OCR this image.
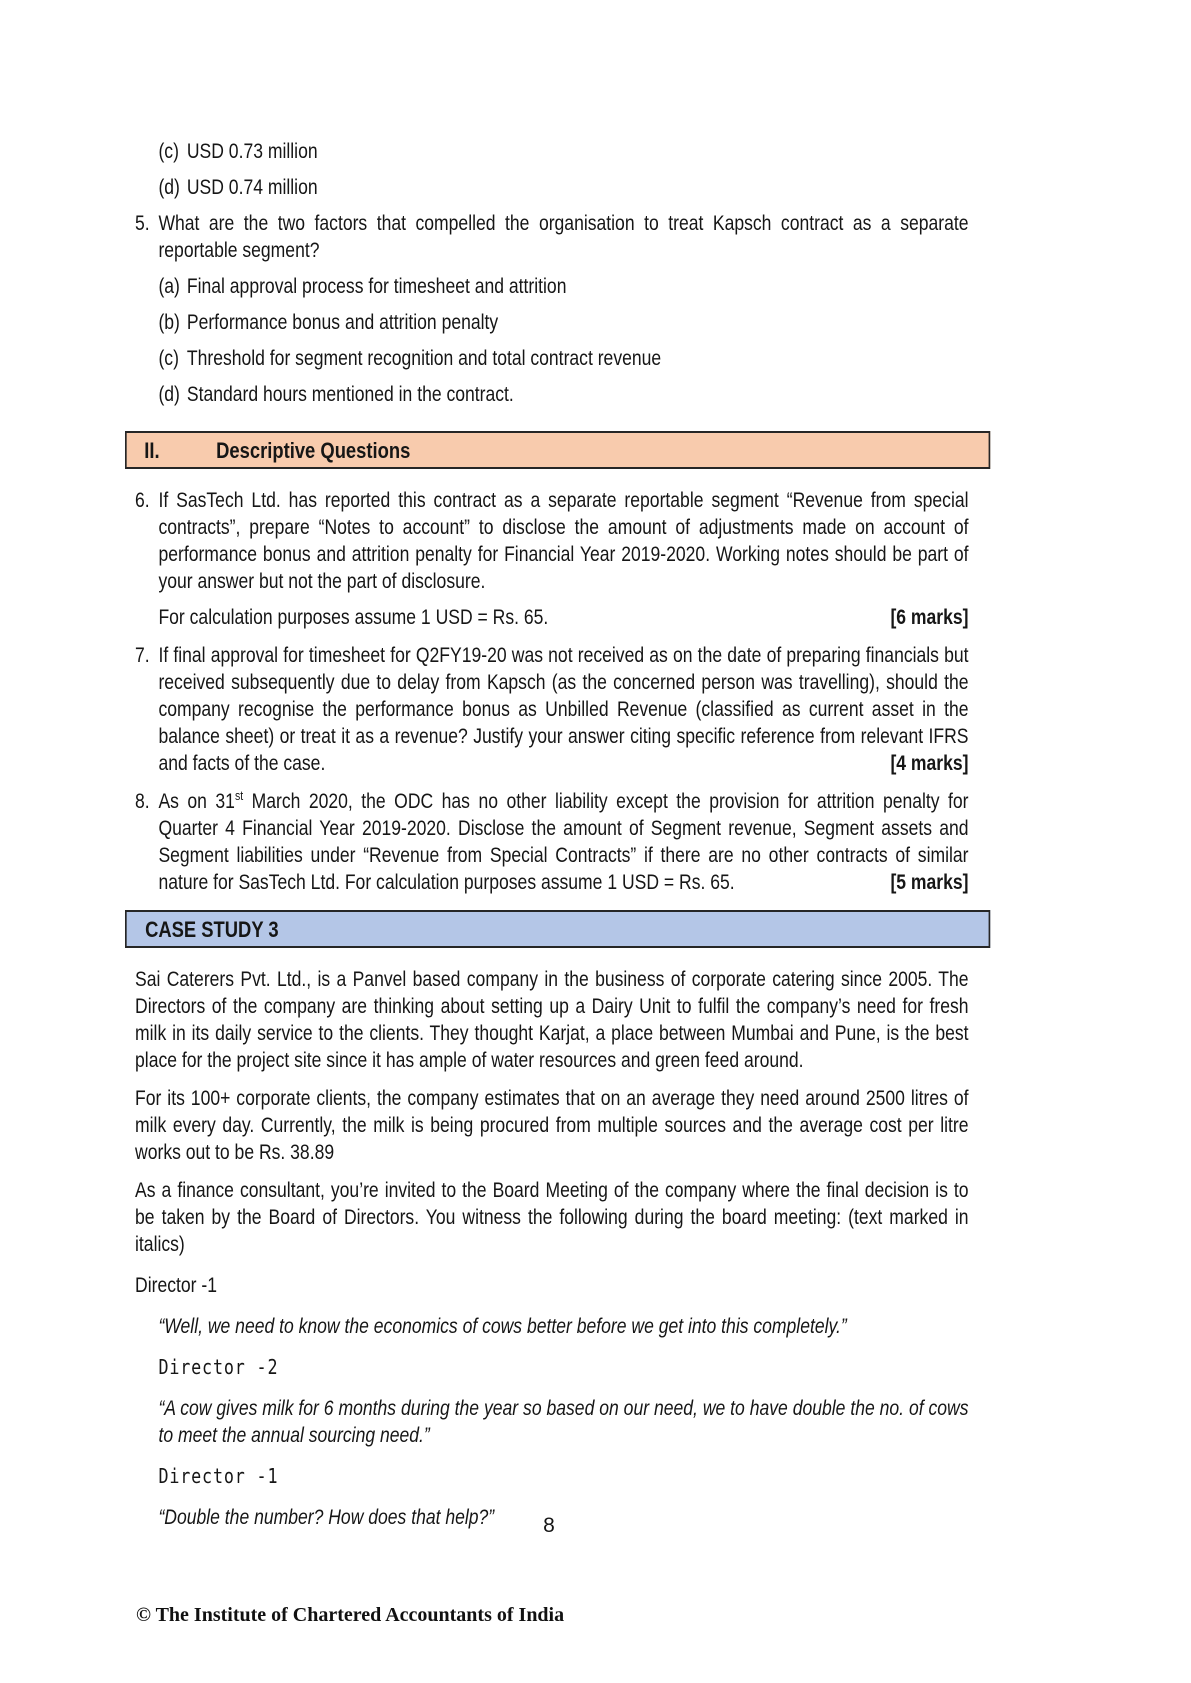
(c) USD 0.73 million
(d) USD 0.74 million
5. What are the two factors that compelled the organisation to treat Kapsch contract as a separate reportable segment?
(a) Final approval process for timesheet and attrition
(b) Performance bonus and attrition penalty
(c) Threshold for segment recognition and total contract revenue
(d) Standard hours mentioned in the contract.
II.	Descriptive Questions
6. If SasTech Ltd. has reported this contract as a separate reportable segment “Revenue from special contracts”, prepare “Notes to account” to disclose the amount of adjustments made on account of performance bonus and attrition penalty for Financial Year 2019-2020. Working notes should be part of your answer but not the part of disclosure.
For calculation purposes assume 1 USD = Rs. 65.	[6 marks]
7. If final approval for timesheet for Q2FY19-20 was not received as on the date of preparing financials but received subsequently due to delay from Kapsch (as the concerned person was travelling), should the company recognise the performance bonus as Unbilled Revenue (classified as current asset in the balance sheet) or treat it as a revenue? Justify your answer citing specific reference from relevant IFRS and facts of the case.	[4 marks]
8. As on 31st March 2020, the ODC has no other liability except the provision for attrition penalty for Quarter 4 Financial Year 2019-2020. Disclose the amount of Segment revenue, Segment assets and Segment liabilities under “Revenue from Special Contracts” if there are no other contracts of similar nature for SasTech Ltd. For calculation purposes assume 1 USD = Rs. 65.	[5 marks]
CASE STUDY 3
Sai Caterers Pvt. Ltd., is a Panvel based company in the business of corporate catering since 2005. The Directors of the company are thinking about setting up a Dairy Unit to fulfil the company’s need for fresh milk in its daily service to the clients. They thought Karjat, a place between Mumbai and Pune, is the best place for the project site since it has ample of water resources and green feed around.
For its 100+ corporate clients, the company estimates that on an average they need around 2500 litres of milk every day. Currently, the milk is being procured from multiple sources and the average cost per litre works out to be Rs. 38.89
As a finance consultant, you’re invited to the Board Meeting of the company where the final decision is to be taken by the Board of Directors. You witness the following during the board meeting: (text marked in italics)
Director -1
“Well, we need to know the economics of cows better before we get into this completely.”
Director -2
“A cow gives milk for 6 months during the year so based on our need, we to have double the no. of cows to meet the annual sourcing need.”
Director -1
“Double the number? How does that help?”	8
© The Institute of Chartered Accountants of India
